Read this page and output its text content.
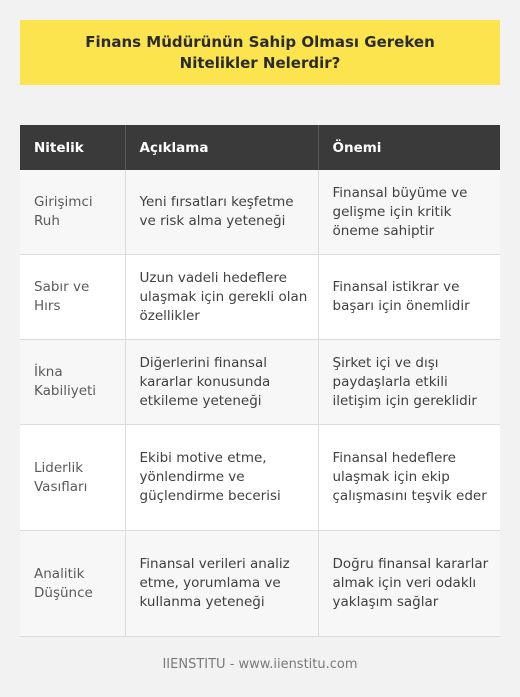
Finans Müdürünün Sahip Olması Gereken Nitelikler Nelerdir?
Nitelik	Açıklama	Önemi
Girişimci Ruh	Yeni fırsatları keşfetme ve risk alma yeteneği	Finansal büyüme ve gelişme için kritik öneme sahiptir
Sabır ve Hırs	Uzun vadeli hedeflere ulaşmak için gerekli olan özellikler	Finansal istikrar ve başarı için önemlidir
İkna Kabiliyeti	Diğerlerini finansal kararlar konusunda etkileme yeteneği	Şirket içi ve dışı paydaşlarla etkili iletişim için gereklidir
Liderlik Vasıfları	Ekibi motive etme, yönlendirme ve güçlendirme becerisi	Finansal hedeflere ulaşmak için ekip çalışmasını teşvik eder
Analitik Düşünce	Finansal verileri analiz etme, yorumlama ve kullanma yeteneği	Doğru finansal kararlar almak için veri odaklı yaklaşım sağlar
IIENSTITU - www.iienstitu.com
